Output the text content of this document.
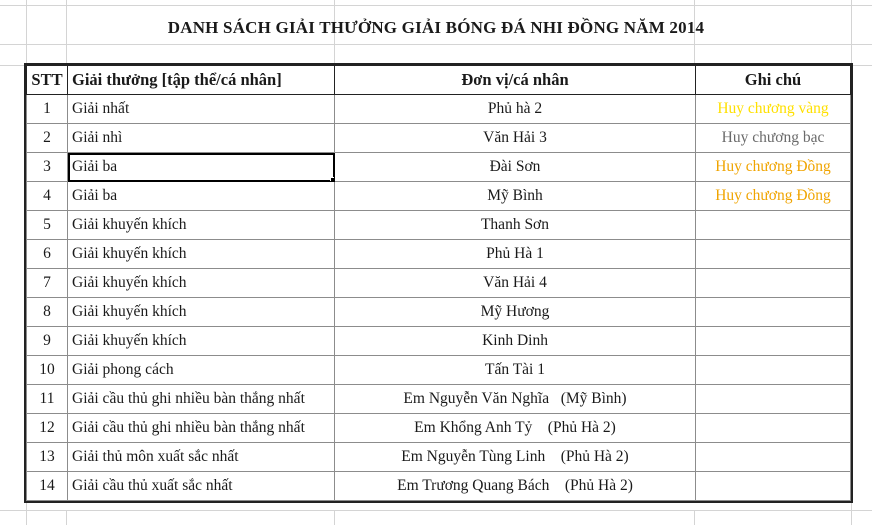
DANH SÁCH GIẢI THƯỞNG GIẢI BÓNG ĐÁ NHI ĐỒNG NĂM 2014
STT	Giải thưởng [tập thể/cá nhân]	Đơn vị/cá nhân	Ghi chú
1	Giải nhất	Phủ hà 2	Huy chương vàng
2	Giải nhì	Văn Hải 3	Huy chương bạc
3	Giải ba	Đài Sơn	Huy chương Đồng
4	Giải ba	Mỹ Bình	Huy chương Đồng
5	Giải khuyến khích	Thanh Sơn	
6	Giải khuyến khích	Phủ Hà 1	
7	Giải khuyến khích	Văn Hải 4	
8	Giải khuyến khích	Mỹ Hương	
9	Giải khuyến khích	Kinh Dinh	
10	Giải phong cách	Tấn Tài 1	
11	Giải cầu thủ ghi nhiều bàn thắng nhất	Em Nguyễn Văn Nghĩa   (Mỹ Bình)	
12	Giải cầu thủ ghi nhiều bàn thắng nhất	Em Khổng Anh Tỷ    (Phủ Hà 2)	
13	Giải thủ môn xuất sắc nhất	Em Nguyễn Tùng Linh    (Phủ Hà 2)	
14	Giải cầu thủ xuất sắc nhất	Em Trương Quang Bách    (Phủ Hà 2)	
